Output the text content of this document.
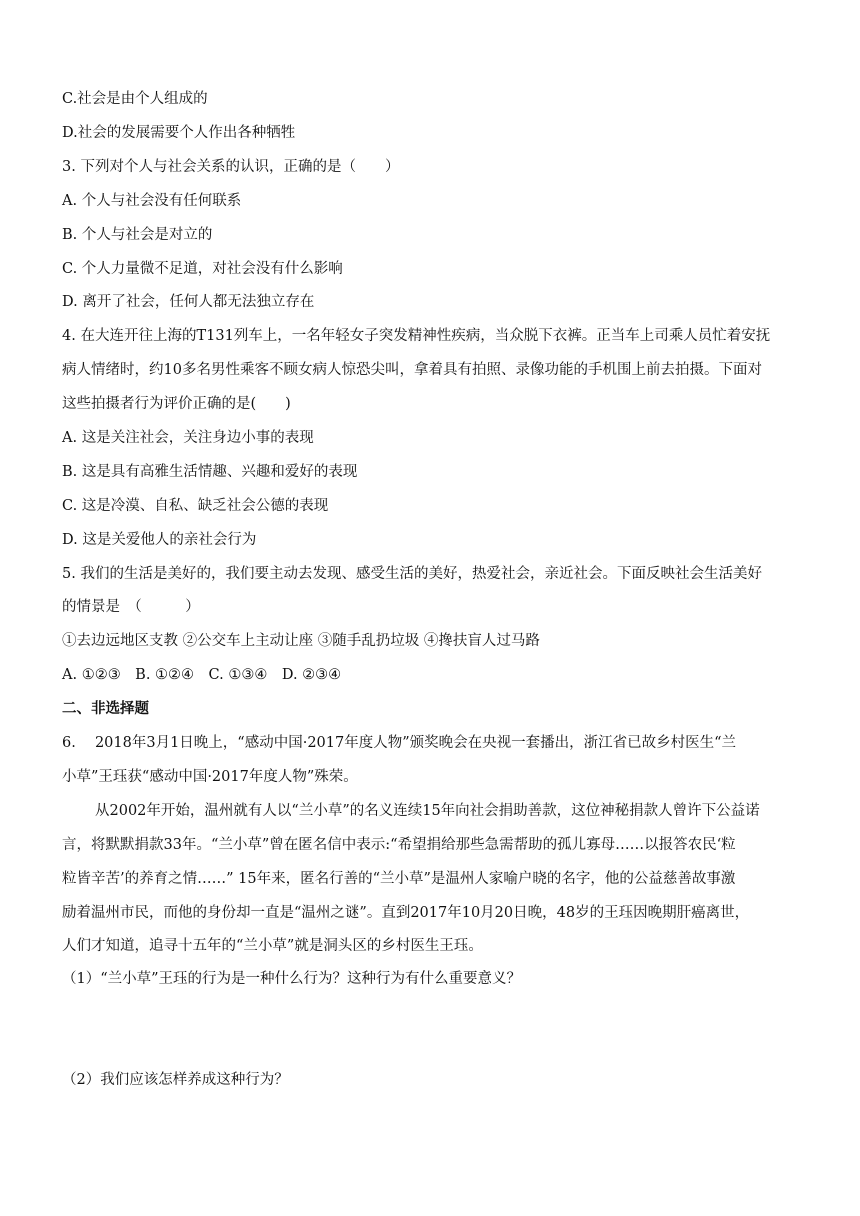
C.社会是由个人组成的
D.社会的发展需要个人作出各种牺牲
3. 下列对个人与社会关系的认识，正确的是（　　）
A. 个人与社会没有任何联系
B. 个人与社会是对立的
C. 个人力量微不足道，对社会没有什么影响
D. 离开了社会，任何人都无法独立存在
4. 在大连开往上海的T131列车上，一名年轻女子突发精神性疾病，当众脱下衣裤。正当车上司乘人员忙着安抚
病人情绪时，约10多名男性乘客不顾女病人惊恐尖叫，拿着具有拍照、录像功能的手机围上前去拍摄。下面对
这些拍摄者行为评价正确的是(　　)
A. 这是关注社会，关注身边小事的表现
B. 这是具有高雅生活情趣、兴趣和爱好的表现
C. 这是冷漠、自私、缺乏社会公德的表现
D. 这是关爱他人的亲社会行为
5. 我们的生活是美好的，我们要主动去发现、感受生活的美好，热爱社会，亲近社会。下面反映社会生活美好
的情景是　（　　　）
①去边远地区支教 ②公交车上主动让座 ③随手乱扔垃圾 ④搀扶盲人过马路
A. ①②③　B. ①②④　C. ①③④　D. ②③④
二、非选择题
6.　 2018年3月1日晚上，“感动中国·2017年度人物”颁奖晚会在央视一套播出，浙江省已故乡村医生“兰
小草”王珏获“感动中国·2017年度人物”殊荣。
从2002年开始，温州就有人以“兰小草”的名义连续15年向社会捐助善款，这位神秘捐款人曾许下公益诺
言，将默默捐款33年。“兰小草”曾在匿名信中表示:“希望捐给那些急需帮助的孤儿寡母……以报答农民‘粒
粒皆辛苦’的养育之情……” 15年来，匿名行善的“兰小草”是温州人家喻户晓的名字，他的公益慈善故事激
励着温州市民，而他的身份却一直是“温州之谜”。直到2017年10月20日晚，48岁的王珏因晚期肝癌离世，
人们才知道，追寻十五年的“兰小草”就是洞头区的乡村医生王珏。
（1）“兰小草”王珏的行为是一种什么行为？这种行为有什么重要意义？
（2）我们应该怎样养成这种行为？
